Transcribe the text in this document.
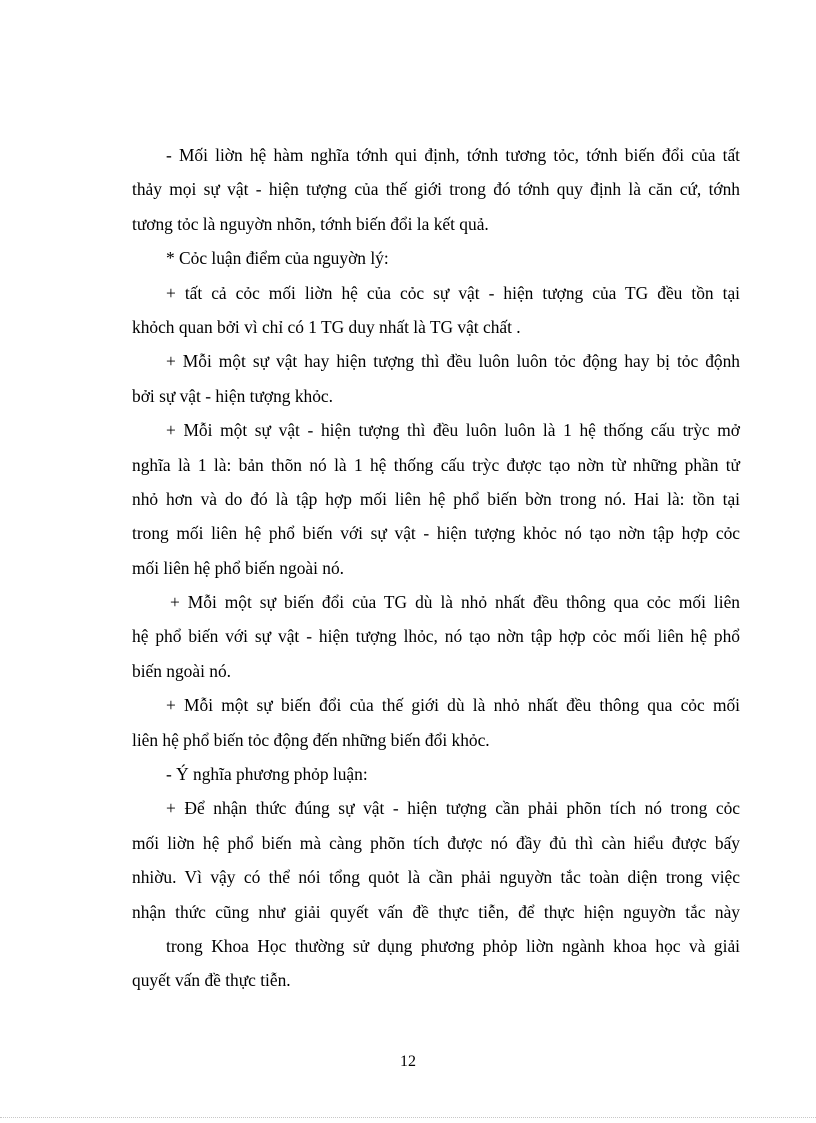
- Mối liờn hệ hàm nghĩa tớnh qui định, tớnh tương tỏc, tớnh biến đổi của tất
thảy mọi sự vật - hiện tượng của thế giới trong đó tớnh quy định là căn cứ, tớnh
tương tỏc là nguyờn nhõn, tớnh biến đổi la kết quả.
* Cỏc luận điểm của nguyờn lý:
+ tất cả cỏc mối liờn hệ của cỏc sự vật - hiện tượng của TG đều tồn tại
khỏch quan bởi vì chỉ có 1 TG duy nhất là TG vật chất .
+ Mỗi một sự vật hay hiện tượng thì đều luôn luôn tỏc động hay bị tỏc độnh
bởi sự vật - hiện tượng khỏc.
+ Mỗi một sự vật - hiện tượng thì đều luôn luôn là 1 hệ thống cấu trỳc mở
nghĩa là 1 là: bản thõn nó là 1 hệ thống cấu trỳc được tạo nờn từ những phần tử
nhỏ hơn và do đó là tập hợp mối liên hệ phổ biến bờn trong nó. Hai là: tồn tại
trong mối liên hệ phổ biến với sự vật - hiện tượng khỏc nó tạo nờn tập hợp cỏc
mối liên hệ phổ biến ngoài nó.
+ Mỗi một sự biến đổi của TG dù là nhỏ nhất đều thông qua cỏc mối liên
hệ phổ biến với sự vật - hiện tượng lhỏc, nó tạo nờn tập hợp cỏc mối liên hệ phổ
biến ngoài nó.
+ Mỗi một sự biến đổi của thế giới dù là nhỏ nhất đều thông qua cỏc mối
liên hệ phổ biến tỏc động đến những biến đổi khỏc.
- Ý nghĩa phương phỏp luận:
+ Để nhận thức đúng sự vật - hiện tượng cần phải phõn tích nó trong cỏc
mối liờn hệ phổ biến mà càng phõn tích được nó đầy đủ thì càn hiểu được bấy
nhiờu. Vì vậy có thể nói tổng quỏt là cần phải nguyờn tắc toàn diện trong việc
nhận thức cũng như giải quyết vấn đề thực tiễn, để thực hiện nguyờn tắc này
trong Khoa Học thường sử dụng phương phỏp liờn ngành khoa học và giải
quyết vấn đề thực tiễn.
12
